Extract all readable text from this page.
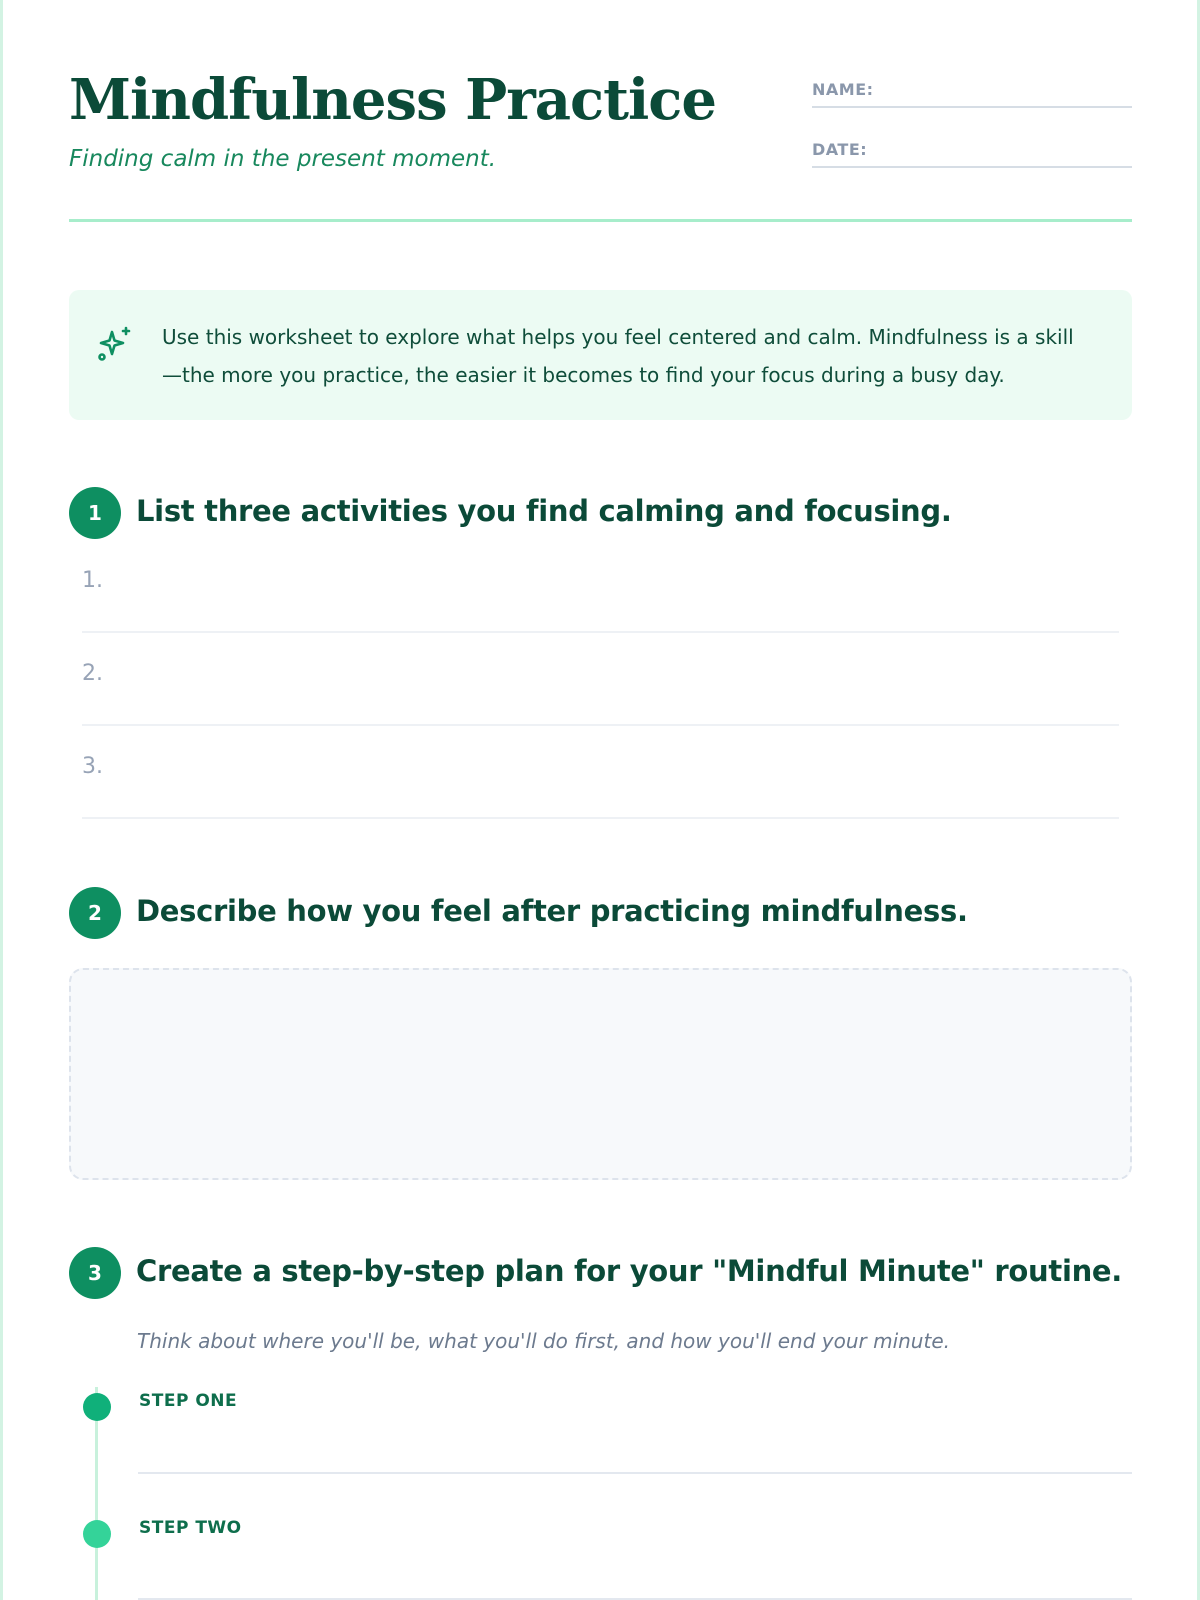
Mindfulness Practice
Finding calm in the present moment.
NAME:
DATE:

Use this worksheet to explore what helps you feel centered and calm. Mindfulness is a skill—the more you practice, the easier it becomes to find your focus during a busy day.

1	List three activities you find calming and focusing.
1.
2.
3.
2	Describe how you feel after practicing mindfulness.
3	Create a step-by-step plan for your "Mindful Minute" routine.
Think about where you'll be, what you'll do first, and how you'll end your minute.
STEP ONE
STEP TWO
